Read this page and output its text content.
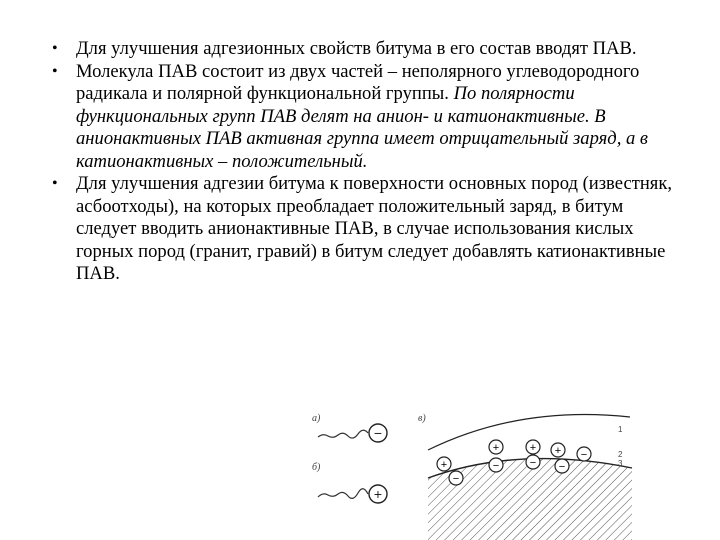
• Для улучшения адгезионных свойств битума в его состав вводят ПАВ.

• Молекула ПАВ состоит из двух частей – неполярного углеводородного радикала и полярной функциональной группы. По полярности функциональных групп ПАВ делят на анион- и катионактивные. В анионактивных ПАВ активная группа имеет отрицательный заряд, а в катионактивных – положительный.

• Для улучшения адгезии битума к поверхности основных пород (известняк, асбоотходы), на которых преобладает положительный заряд, в битум следует вводить анионактивные ПАВ, в случае использования кислых горных пород (гранит, гравий) в битум следует добавлять катионактивные ПАВ.

а)
−
б)
+
в)
+
−
+
−
+
−
+
−
−
1
2
3
